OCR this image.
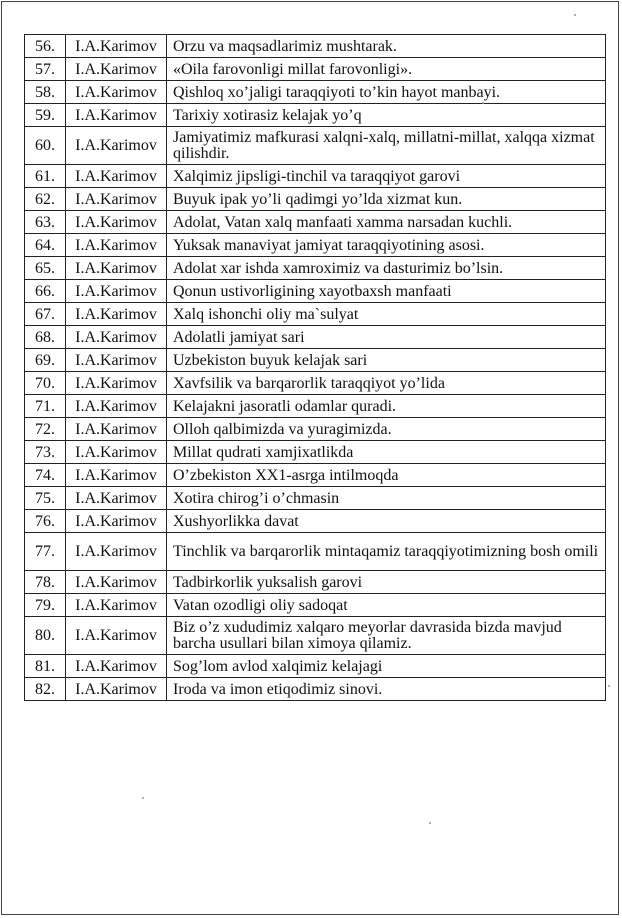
56.	I.A.Karimov	Orzu va maqsadlarimiz mushtarak.
57.	I.A.Karimov	«Oila farovonligi millat farovonligi».
58.	I.A.Karimov	Qishloq xo’jaligi taraqqiyoti to’kin hayot manbayi.
59.	I.A.Karimov	Tarixiy xotirasiz kelajak yo’q
60.	I.A.Karimov	Jamiyatimiz mafkurasi xalqni-xalq, millatni-millat, xalqqa xizmat qilishdir.
61.	I.A.Karimov	Xalqimiz jipsligi-tinchil va taraqqiyot garovi
62.	I.A.Karimov	Buyuk ipak yo’li qadimgi yo’lda xizmat kun.
63.	I.A.Karimov	Adolat, Vatan xalq manfaati xamma narsadan kuchli.
64.	I.A.Karimov	Yuksak manaviyat jamiyat taraqqiyotining asosi.
65.	I.A.Karimov	Adolat xar ishda xamroximiz va dasturimiz bo’lsin.
66.	I.A.Karimov	Qonun ustivorligining xayotbaxsh manfaati
67.	I.A.Karimov	Xalq ishonchi oliy ma`sulyat
68.	I.A.Karimov	Adolatli jamiyat sari
69.	I.A.Karimov	Uzbekiston buyuk kelajak sari
70.	I.A.Karimov	Xavfsilik va barqarorlik taraqqiyot yo’lida
71.	I.A.Karimov	Kelajakni jasoratli odamlar quradi.
72.	I.A.Karimov	Olloh qalbimizda va yuragimizda.
73.	I.A.Karimov	Millat qudrati xamjixatlikda
74.	I.A.Karimov	O’zbekiston XX1-asrga intilmoqda
75.	I.A.Karimov	Xotira chirog’i o’chmasin
76.	I.A.Karimov	Xushyorlikka davat
77.	I.A.Karimov	Tinchlik va barqarorlik mintaqamiz taraqqiyotimizning bosh omili
78.	I.A.Karimov	Tadbirkorlik yuksalish garovi
79.	I.A.Karimov	Vatan ozodligi oliy sadoqat
80.	I.A.Karimov	Biz o’z xududimiz xalqaro meyorlar davrasida bizda mavjud barcha usullari bilan ximoya qilamiz.
81.	I.A.Karimov	Sog’lom avlod xalqimiz kelajagi
82.	I.A.Karimov	Iroda va imon etiqodimiz sinovi.
